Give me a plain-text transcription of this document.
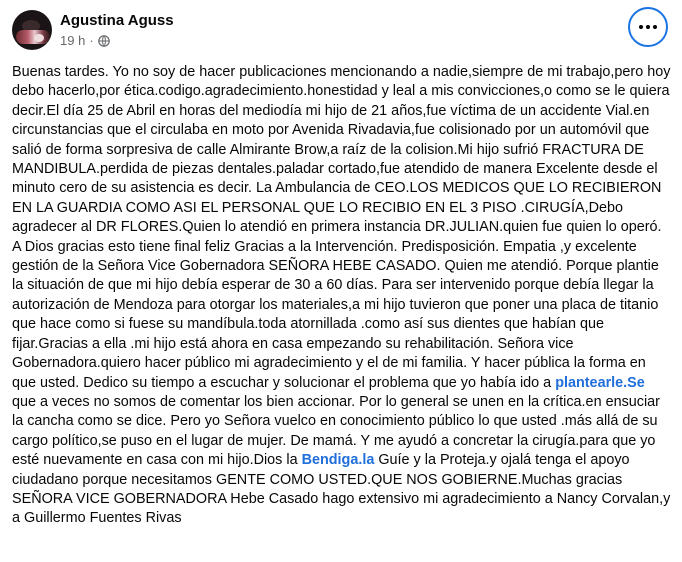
Agustina Aguss
19 h ·
Buenas tardes. Yo no soy de hacer publicaciones mencionando a nadie,siempre de mi trabajo,pero hoy debo hacerlo,por ética.codigo.agradecimiento.honestidad y leal a mis convicciones,o como se le quiera decir.El día 25 de Abril en horas del mediodía mi hijo de 21 años,fue víctima de un accidente Vial.en circunstancias que el circulaba en moto por Avenida Rivadavia,fue colisionado por un automóvil que salió de forma sorpresiva de calle Almirante Brow,a raíz de la colision.Mi hijo sufrió FRACTURA DE MANDIBULA.perdida de piezas dentales.paladar cortado,fue atendido de manera Excelente desde el minuto cero de su asistencia es decir. La Ambulancia de CEO.LOS MEDICOS QUE LO RECIBIERON EN LA GUARDIA COMO ASI EL PERSONAL QUE LO RECIBIO EN EL 3 PISO .CIRUGÍA,Debo agradecer al DR FLORES.Quien lo atendió en primera instancia DR.JULIAN.quien fue quien lo operó. A Dios gracias esto tiene final feliz Gracias a la Intervención. Predisposición. Empatia ,y excelente gestión de la Señora Vice Gobernadora SEÑORA HEBE CASADO. Quien me atendió. Porque plantie la situación de que mi hijo debía esperar de 30 a 60 días. Para ser intervenido porque debía llegar la autorización de Mendoza para otorgar los materiales,a mi hijo tuvieron que poner una placa de titanio que hace como si fuese su mandíbula.toda atornillada .como así sus dientes que habían que fijar.Gracias a ella .mi hijo está ahora en casa empezando su rehabilitación. Señora vice Gobernadora.quiero hacer público mi agradecimiento y el de mi familia. Y hacer pública la forma en que usted. Dedico su tiempo a escuchar y solucionar el problema que yo había ido a plantearle.Se que a veces no somos de comentar los bien accionar. Por lo general se unen en la crítica.en ensuciar la cancha como se dice. Pero yo Señora vuelco en conocimiento público lo que usted .más allá de su cargo político,se puso en el lugar de mujer. De mamá. Y me ayudó a concretar la cirugía.para que yo esté nuevamente en casa con mi hijo.Dios la Bendiga.la Guíe y la Proteja.y ojalá tenga el apoyo ciudadano porque necesitamos GENTE COMO USTED.QUE NOS GOBIERNE.Muchas gracias SEÑORA VICE GOBERNADORA Hebe Casado hago extensivo mi agradecimiento a Nancy Corvalan,y a Guillermo Fuentes Rivas
